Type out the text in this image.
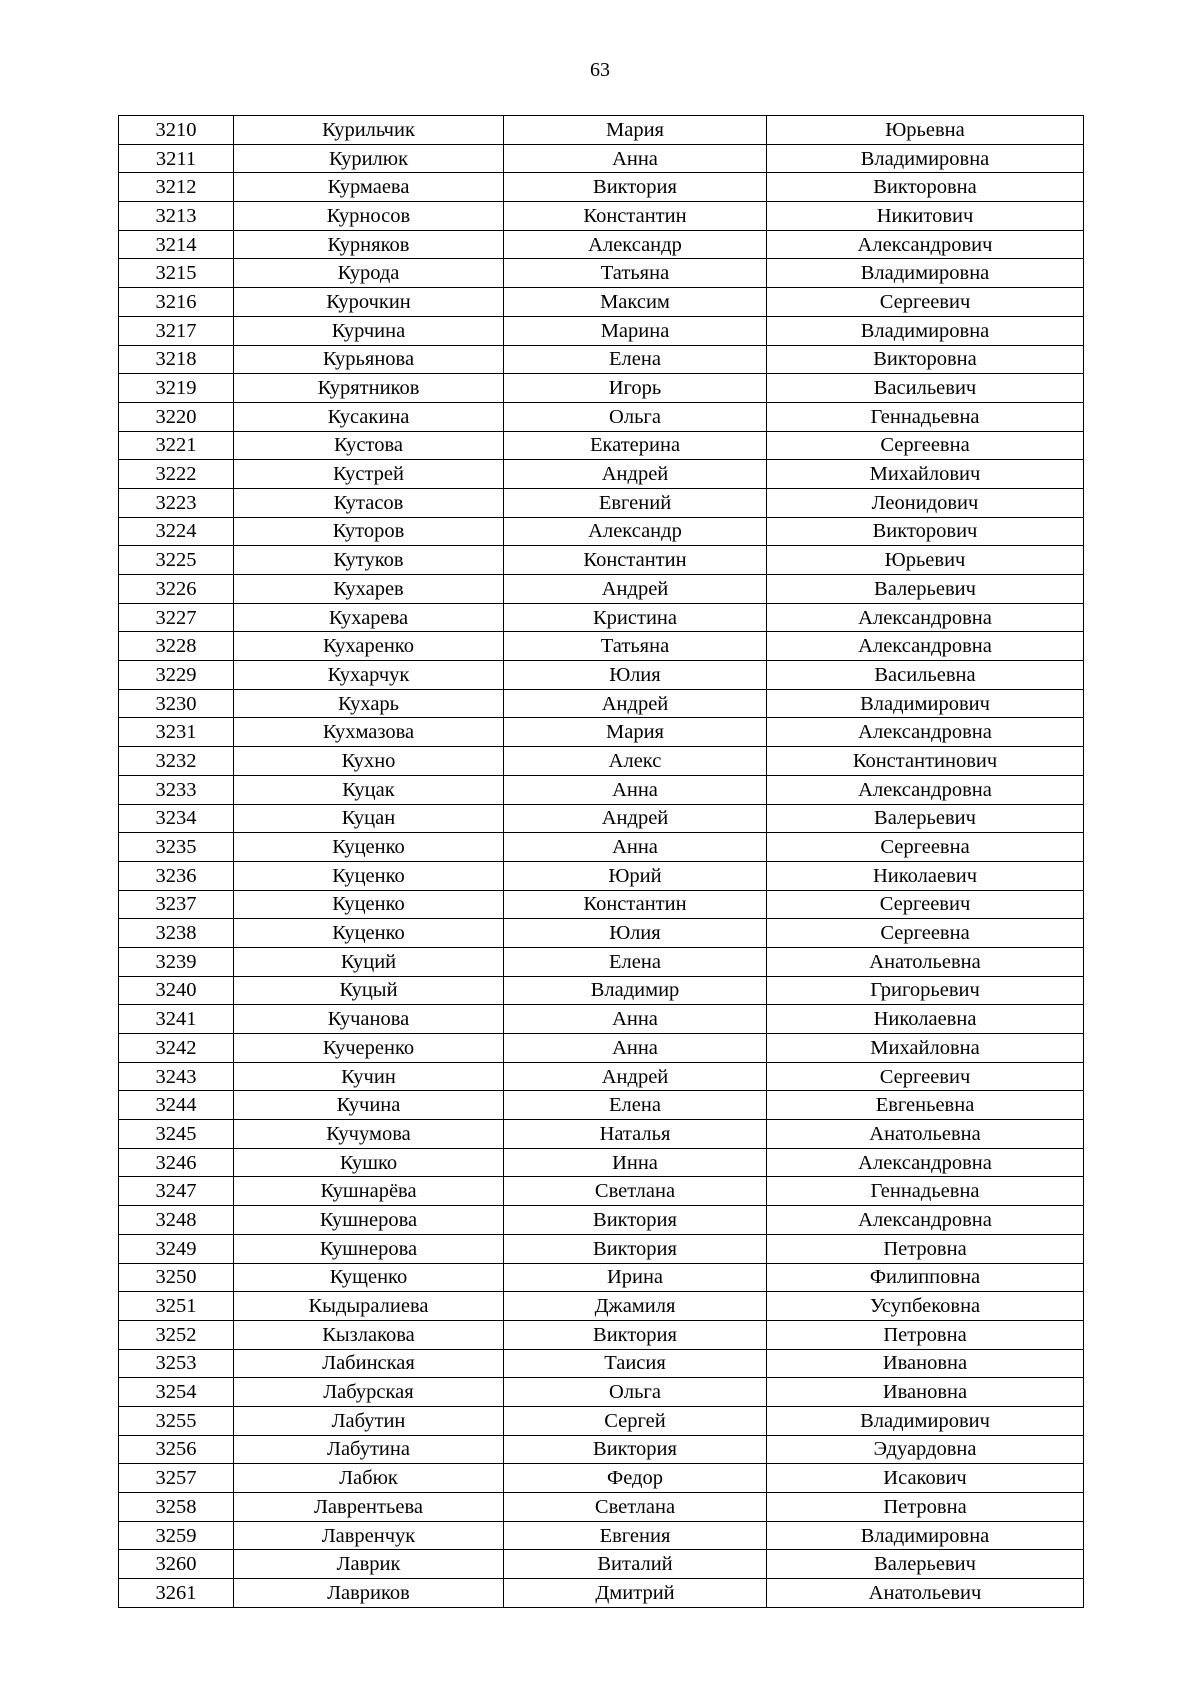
63
3210	Курильчик	Мария	Юрьевна
3211	Курилюк	Анна	Владимировна
3212	Курмаева	Виктория	Викторовна
3213	Курносов	Константин	Никитович
3214	Курняков	Александр	Александрович
3215	Курода	Татьяна	Владимировна
3216	Курочкин	Максим	Сергеевич
3217	Курчина	Марина	Владимировна
3218	Курьянова	Елена	Викторовна
3219	Курятников	Игорь	Васильевич
3220	Кусакина	Ольга	Геннадьевна
3221	Кустова	Екатерина	Сергеевна
3222	Кустрей	Андрей	Михайлович
3223	Кутасов	Евгений	Леонидович
3224	Куторов	Александр	Викторович
3225	Кутуков	Константин	Юрьевич
3226	Кухарев	Андрей	Валерьевич
3227	Кухарева	Кристина	Александровна
3228	Кухаренко	Татьяна	Александровна
3229	Кухарчук	Юлия	Васильевна
3230	Кухарь	Андрей	Владимирович
3231	Кухмазова	Мария	Александровна
3232	Кухно	Алекс	Константинович
3233	Куцак	Анна	Александровна
3234	Куцан	Андрей	Валерьевич
3235	Куценко	Анна	Сергеевна
3236	Куценко	Юрий	Николаевич
3237	Куценко	Константин	Сергеевич
3238	Куценко	Юлия	Сергеевна
3239	Куций	Елена	Анатольевна
3240	Куцый	Владимир	Григорьевич
3241	Кучанова	Анна	Николаевна
3242	Кучеренко	Анна	Михайловна
3243	Кучин	Андрей	Сергеевич
3244	Кучина	Елена	Евгеньевна
3245	Кучумова	Наталья	Анатольевна
3246	Кушко	Инна	Александровна
3247	Кушнарёва	Светлана	Геннадьевна
3248	Кушнерова	Виктория	Александровна
3249	Кушнерова	Виктория	Петровна
3250	Кущенко	Ирина	Филипповна
3251	Кыдыралиева	Джамиля	Усупбековна
3252	Кызлакова	Виктория	Петровна
3253	Лабинская	Таисия	Ивановна
3254	Лабурская	Ольга	Ивановна
3255	Лабутин	Сергей	Владимирович
3256	Лабутина	Виктория	Эдуардовна
3257	Лабюк	Федор	Исакович
3258	Лаврентьева	Светлана	Петровна
3259	Лавренчук	Евгения	Владимировна
3260	Лаврик	Виталий	Валерьевич
3261	Лавриков	Дмитрий	Анатольевич
